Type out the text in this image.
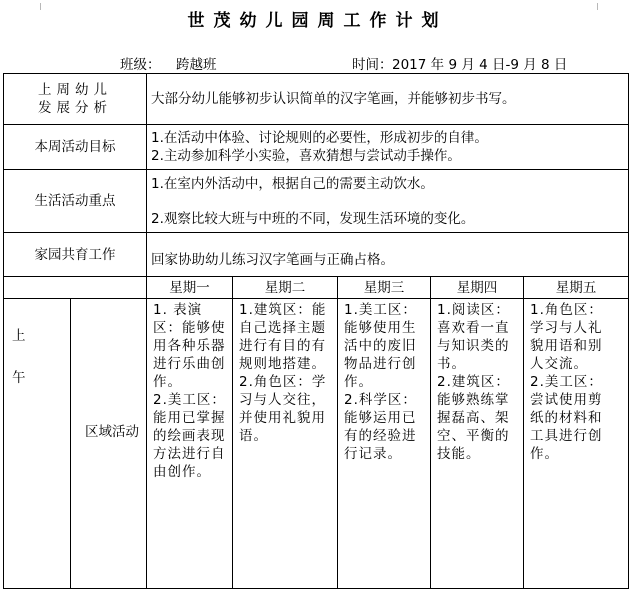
世茂幼儿园周工作计划
班级：	跨越班	时间： 2017 年 9 月 4 日-9 月 8 日
上周幼儿
发展分析		大部分幼儿能够初步认识简单的汉字笔画，并能够初步书写。				

本周活动目标		1.在活动中体验、讨论规则的必要性，形成初步的自律。
2.主动参加科学小实验，喜欢猜想与尝试动手操作。				

生活活动重点		1.在室内外活动中，根据自己的需要主动饮水。
2.观察比较大班与中班的不同，发现生活环境的变化。				

家园共育工作		回家协助幼儿练习汉字笔画与正确占格。				

		星期一	星期二	星期三	星期四	星期五

上
午	区域活动	1. 表演区：能够使用各种乐器进行乐曲创作。
2.美工区：能用已掌握的绘画表现方法进行自由创作。	1.建筑区：能自己选择主题进行有目的有规则地搭建。
2.角色区：学习与人交往，并使用礼貌用语。	1.美工区：能够使用生活中的废旧物品进行创作。
2.科学区：能够运用已有的经验进行记录。	1.阅读区：喜欢看一直与知识类的书。
2.建筑区：能够熟练掌握磊高、架空、平衡的技能。	1.角色区：学习与人礼貌用语和别人交流。
2.美工区：尝试使用剪纸的材料和工具进行创作。
